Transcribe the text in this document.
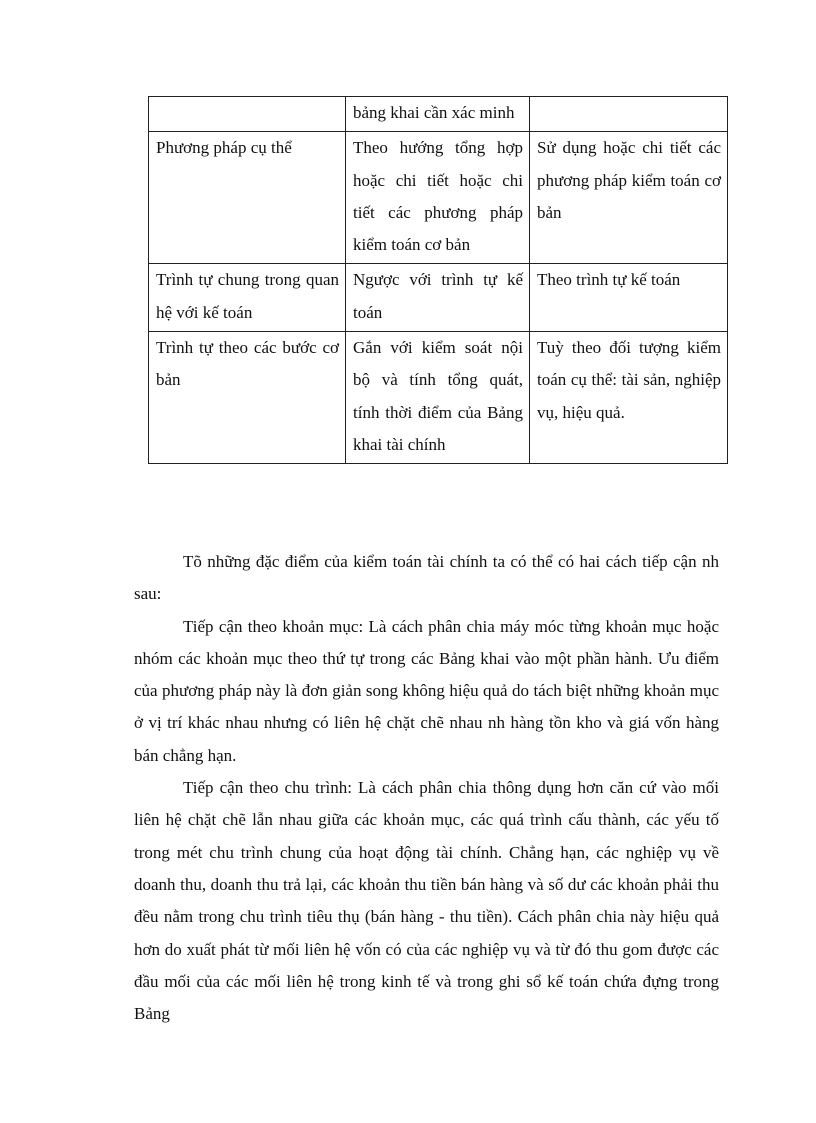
	bảng khai cần xác minh	
Phương pháp cụ thể	Theo hướng tổng hợp hoặc chi tiết hoặc chi tiết các phương pháp kiểm toán cơ bản	Sử dụng hoặc chi tiết các phương pháp kiểm toán cơ bản
Trình tự chung trong quan hệ với kế toán	Ngược với trình tự kế toán	Theo trình tự kế toán
Trình tự theo các bước cơ bản	Gắn với kiểm soát nội bộ và tính tổng quát, tính thời điểm của Bảng khai tài chính	Tuỳ theo đối tượng kiểm toán cụ thể: tài sản, nghiệp vụ, hiệu quả.

Tõ những đặc điểm của kiểm toán tài chính ta có thể có hai cách tiếp cận nh sau:

Tiếp cận theo khoản mục: Là cách phân chia máy móc từng khoản mục hoặc nhóm các khoản mục theo thứ tự trong các Bảng khai vào một phần hành. Ưu điểm của phương pháp này là đơn giản song không hiệu quả do tách biệt những khoản mục ở vị trí khác nhau nhưng có liên hệ chặt chẽ nhau nh hàng tồn kho và giá vốn hàng bán chẳng hạn.

Tiếp cận theo chu trình: Là cách phân chia thông dụng hơn căn cứ vào mối liên hệ chặt chẽ lẫn nhau giữa các khoản mục, các quá trình cấu thành, các yếu tố trong mét chu trình chung của hoạt động tài chính. Chẳng hạn, các nghiệp vụ về doanh thu, doanh thu trả lại, các khoản thu tiền bán hàng và số dư các khoản phải thu đều nằm trong chu trình tiêu thụ (bán hàng - thu tiền). Cách phân chia này hiệu quả hơn do xuất phát từ mối liên hệ vốn có của các nghiệp vụ và từ đó thu gom được các đầu mối của các mối liên hệ trong kinh tế và trong ghi sổ kế toán chứa đựng trong Bảng
